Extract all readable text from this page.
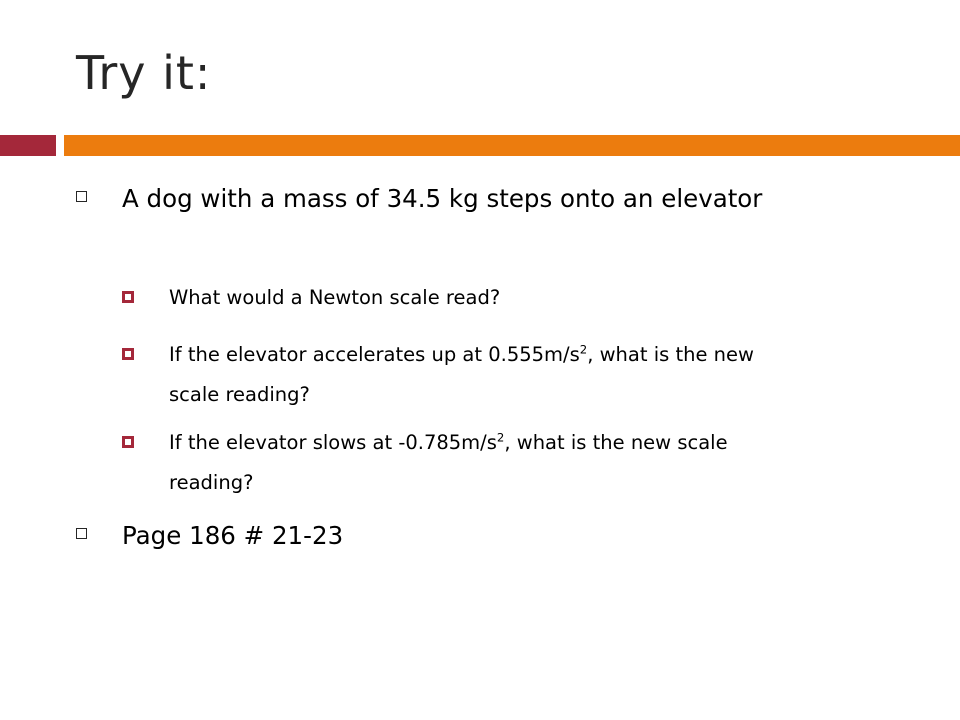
Try it:
A dog with a mass of 34.5 kg steps onto an elevator
What would a Newton scale read?
If the elevator accelerates up at $0.555m/s^2$, what is the new scale reading?
If the elevator slows at $-0.785m/s^2$, what is the new scale reading?
Page 186 # 21-23
